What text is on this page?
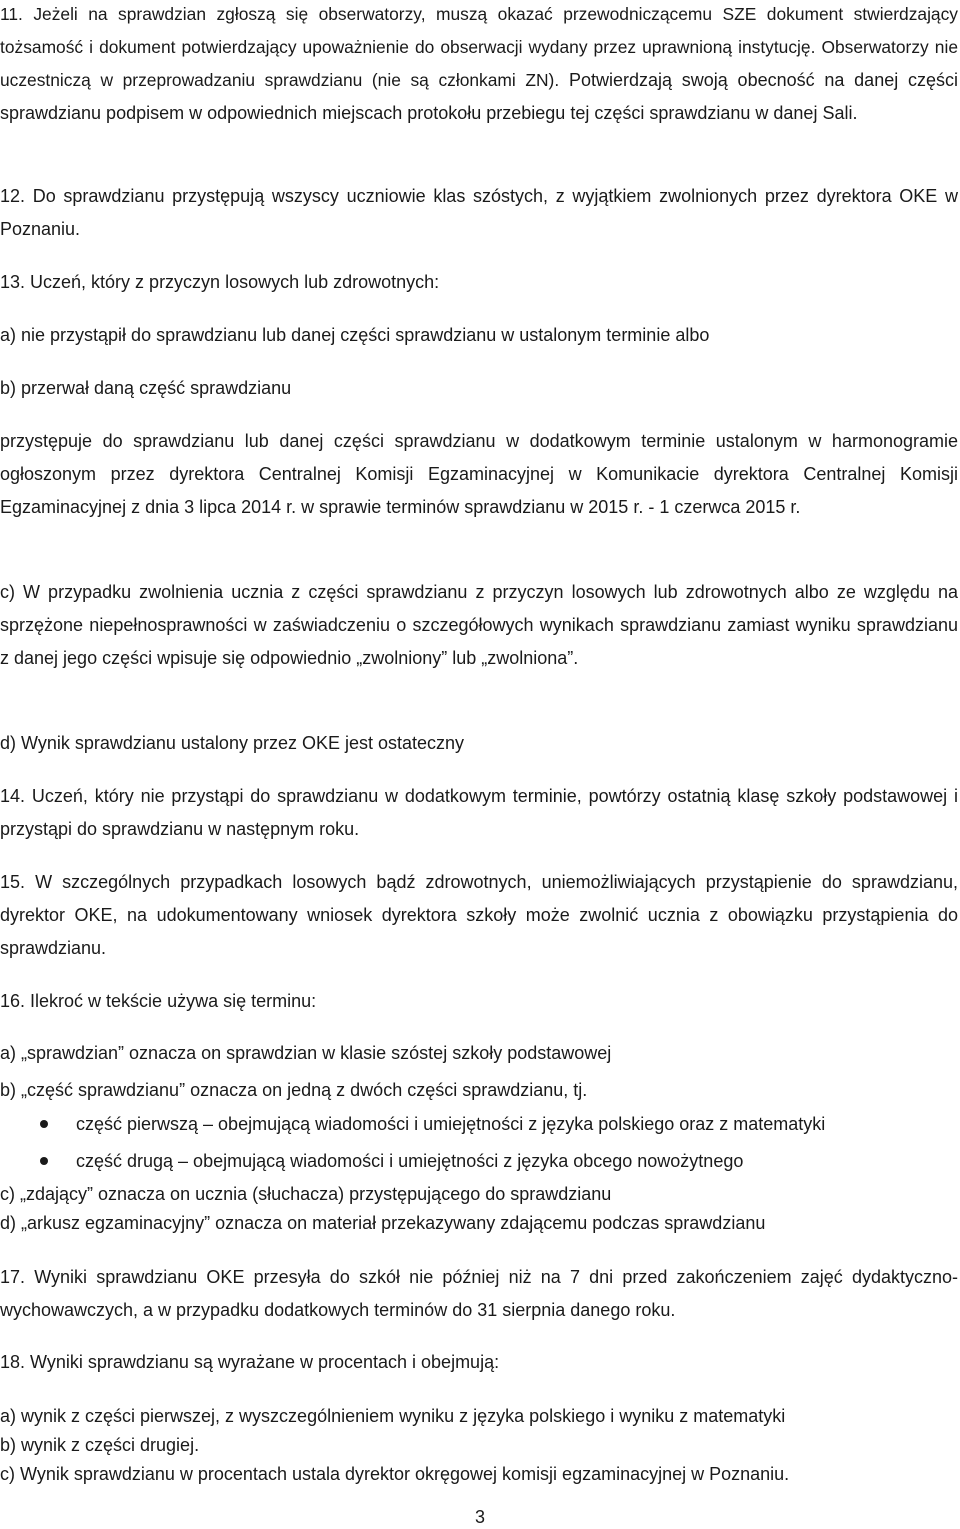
11. Jeżeli na sprawdzian zgłoszą się obserwatorzy, muszą okazać przewodniczącemu SZE dokument stwierdzający tożsamość i dokument potwierdzający upoważnienie do obserwacji wydany przez uprawnioną instytucję. Obserwatorzy nie uczestniczą w przeprowadzaniu sprawdzianu (nie są członkami ZN). Potwierdzają swoją obecność na danej części sprawdzianu podpisem w odpowiednich miejscach protokołu przebiegu tej części sprawdzianu w danej Sali.

12. Do sprawdzianu przystępują wszyscy uczniowie klas szóstych, z wyjątkiem zwolnionych przez dyrektora OKE w Poznaniu.

13. Uczeń, który z przyczyn losowych lub zdrowotnych:

a) nie przystąpił do sprawdzianu lub danej części sprawdzianu w ustalonym terminie albo

b) przerwał daną część sprawdzianu

przystępuje do sprawdzianu lub danej części sprawdzianu w dodatkowym terminie ustalonym w harmonogramie ogłoszonym przez dyrektora Centralnej Komisji Egzaminacyjnej w Komunikacie dyrektora Centralnej Komisji Egzaminacyjnej z dnia 3 lipca 2014 r. w sprawie terminów sprawdzianu w 2015 r. - 1 czerwca 2015 r.

c) W przypadku zwolnienia ucznia z części sprawdzianu z przyczyn losowych lub zdrowotnych albo ze względu na sprzężone niepełnosprawności w zaświadczeniu o szczegółowych wynikach sprawdzianu zamiast wyniku sprawdzianu z danej jego części wpisuje się odpowiednio „zwolniony” lub „zwolniona”.

d) Wynik sprawdzianu ustalony przez OKE jest ostateczny

14. Uczeń, który nie przystąpi do sprawdzianu w dodatkowym terminie, powtórzy ostatnią klasę szkoły podstawowej i przystąpi do sprawdzianu w następnym roku.

15. W szczególnych przypadkach losowych bądź zdrowotnych, uniemożliwiających przystąpienie do sprawdzianu, dyrektor OKE, na udokumentowany wniosek dyrektora szkoły może zwolnić ucznia z obowiązku przystąpienia do sprawdzianu.

16. Ilekroć w tekście używa się terminu:

a) „sprawdzian” oznacza on sprawdzian w klasie szóstej szkoły podstawowej

b) „część sprawdzianu” oznacza on jedną z dwóch części sprawdzianu, tj.

część pierwszą – obejmującą wiadomości i umiejętności z języka polskiego oraz z matematyki
część drugą – obejmującą wiadomości i umiejętności z języka obcego nowożytnego

c) „zdający” oznacza on ucznia (słuchacza) przystępującego do sprawdzianu

d) „arkusz egzaminacyjny” oznacza on materiał przekazywany zdającemu podczas sprawdzianu

17. Wyniki sprawdzianu OKE przesyła do szkół nie później niż na 7 dni przed zakończeniem zajęć dydaktyczno-wychowawczych, a w przypadku dodatkowych terminów do 31 sierpnia danego roku.

18. Wyniki sprawdzianu są wyrażane w procentach i obejmują:

a) wynik z części pierwszej, z wyszczególnieniem wyniku z języka polskiego i wyniku z matematyki

b) wynik z części drugiej.

c) Wynik sprawdzianu w procentach ustala dyrektor okręgowej komisji egzaminacyjnej w Poznaniu.

3
